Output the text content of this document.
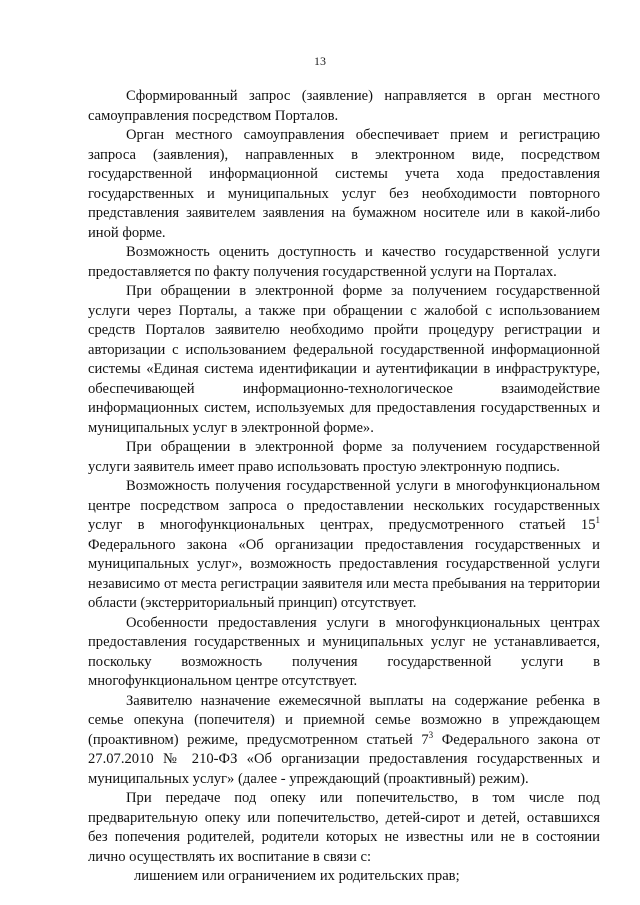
13

Сформированный запрос (заявление) направляется в орган местного самоуправления посредством Порталов.

Орган местного самоуправления обеспечивает прием и регистрацию запроса (заявления), направленных в электронном виде, посредством государственной информационной системы учета хода предоставления государственных и муниципальных услуг без необходимости повторного представления заявителем заявления на бумажном носителе или в какой-либо иной форме.

Возможность оценить доступность и качество государственной услуги предоставляется по факту получения государственной услуги на Порталах.

При обращении в электронной форме за получением государственной услуги через Порталы, а также при обращении с жалобой с использованием средств Порталов заявителю необходимо пройти процедуру регистрации и авторизации с использованием федеральной государственной информационной системы «Единая система идентификации и аутентификации в инфраструктуре, обеспечивающей информационно-технологическое взаимодействие информационных систем, используемых для предоставления государственных и муниципальных услуг в электронной форме».

При обращении в электронной форме за получением государственной услуги заявитель имеет право использовать простую электронную подпись.

Возможность получения государственной услуги в многофункциональном центре посредством запроса о предоставлении нескольких государственных услуг в многофункциональных центрах, предусмотренного статьей $15^1$ Федерального закона «Об организации предоставления государственных и муниципальных услуг», возможность предоставления государственной услуги независимо от места регистрации заявителя или места пребывания на территории области (экстерриториальный принцип) отсутствует.

Особенности предоставления услуги в многофункциональных центрах предоставления государственных и муниципальных услуг не устанавливается, поскольку возможность получения государственной услуги в многофункциональном центре отсутствует.

Заявителю назначение ежемесячной выплаты на содержание ребенка в семье опекуна (попечителя) и приемной семье возможно в упреждающем (проактивном) режиме, предусмотренном статьей $7^3$ Федерального закона от 27.07.2010 № 210-ФЗ «Об организации предоставления государственных и муниципальных услуг» (далее - упреждающий (проактивный) режим).

При передаче под опеку или попечительство, в том числе под предварительную опеку или попечительство, детей-сирот и детей, оставшихся без попечения родителей, родители которых не известны или не в состоянии лично осуществлять их воспитание в связи с:

лишением или ограничением их родительских прав;
